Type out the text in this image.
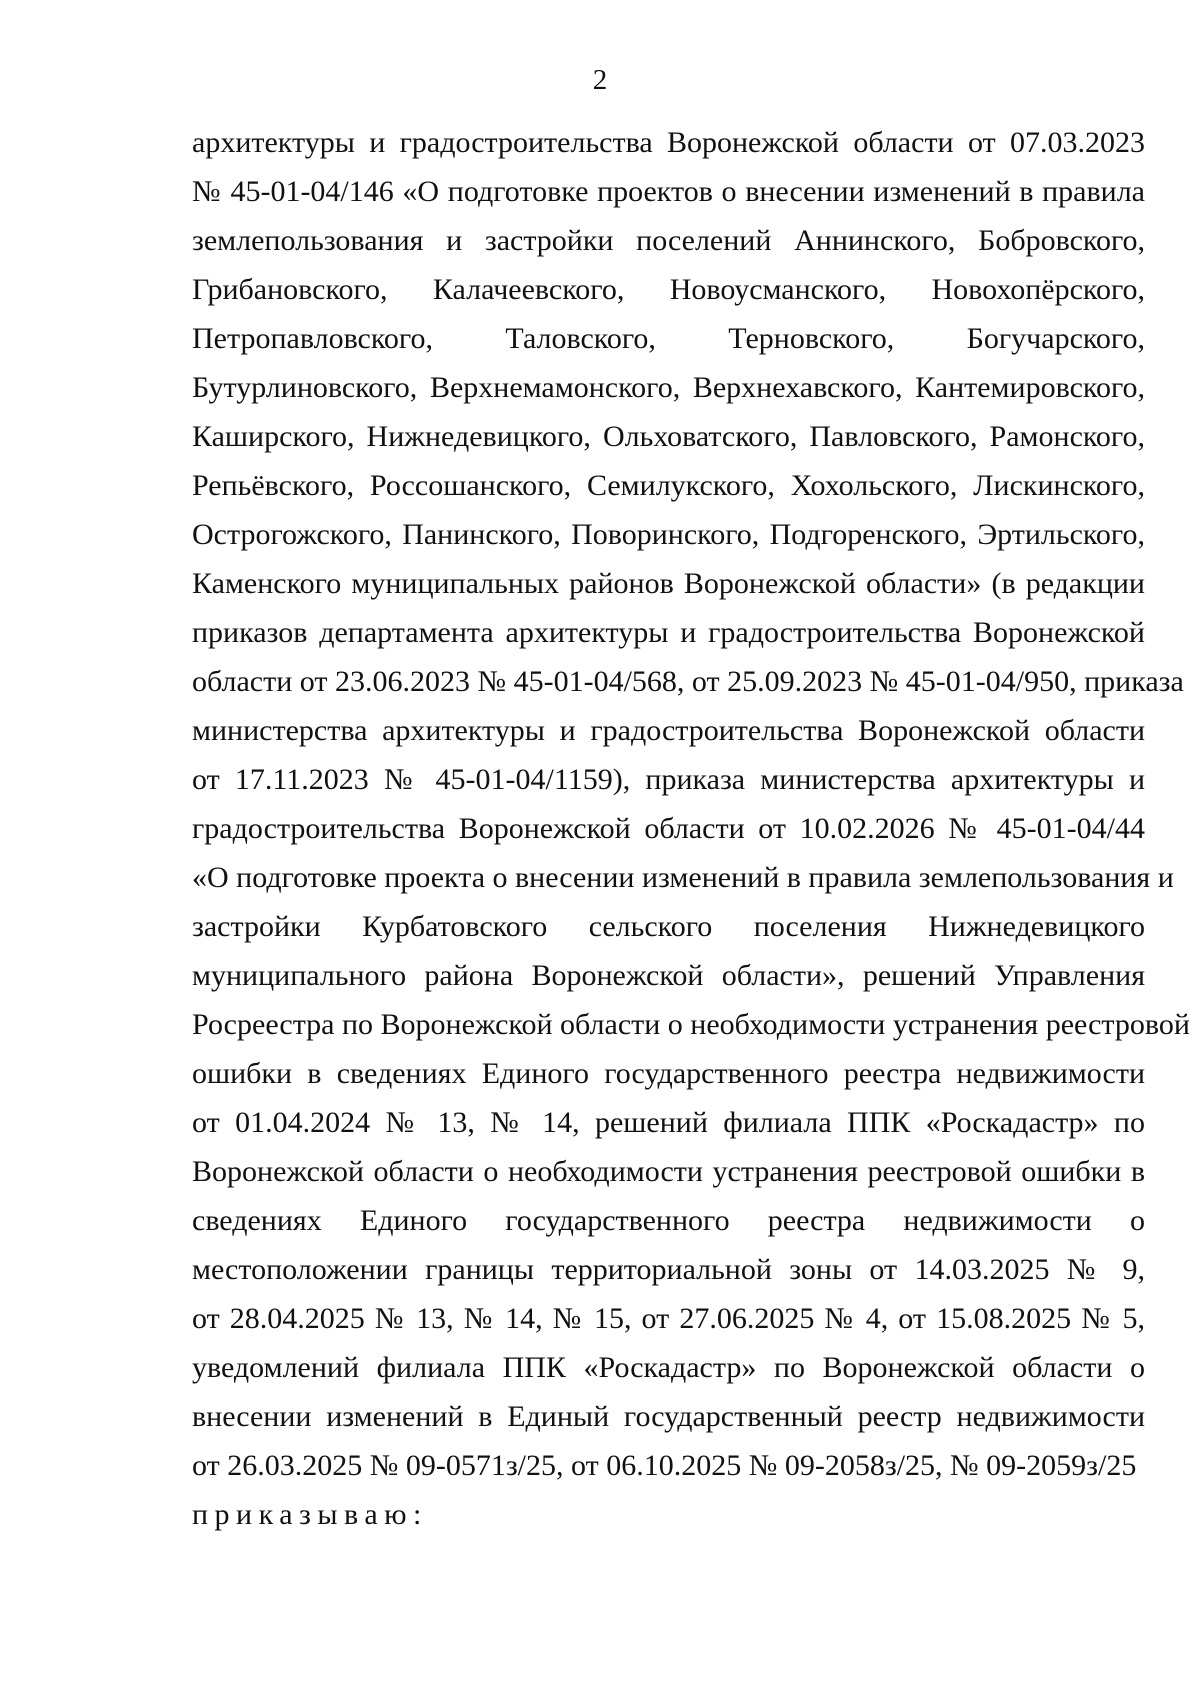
2
архитектуры и градостроительства Воронежской области от 07.03.2023
№ 45-01-04/146 «О подготовке проектов о внесении изменений в правила
землепользования и застройки поселений Аннинского, Бобровского,
Грибановского, Калачеевского, Новоусманского, Новохопёрского,
Петропавловского, Таловского, Терновского, Богучарского,
Бутурлиновского, Верхнемамонского, Верхнехавского, Кантемировского,
Каширского, Нижнедевицкого, Ольховатского, Павловского, Рамонского,
Репьёвского, Россошанского, Семилукского, Хохольского, Лискинского,
Острогожского, Панинского, Поворинского, Подгоренского, Эртильского,
Каменского муниципальных районов Воронежской области» (в редакции
приказов департамента архитектуры и градостроительства Воронежской
области от 23.06.2023 № 45-01-04/568, от 25.09.2023 № 45-01-04/950, приказа
министерства архитектуры и градостроительства Воронежской области
от 17.11.2023 № 45-01-04/1159), приказа министерства архитектуры и
градостроительства Воронежской области от 10.02.2026 № 45-01-04/44
«О подготовке проекта о внесении изменений в правила землепользования и
застройки Курбатовского сельского поселения Нижнедевицкого
муниципального района Воронежской области», решений Управления
Росреестра по Воронежской области о необходимости устранения реестровой
ошибки в сведениях Единого государственного реестра недвижимости
от 01.04.2024 № 13, № 14, решений филиала ППК «Роскадастр» по
Воронежской области о необходимости устранения реестровой ошибки в
сведениях Единого государственного реестра недвижимости о
местоположении границы территориальной зоны от 14.03.2025 № 9,
от 28.04.2025 № 13, № 14, № 15, от 27.06.2025 № 4, от 15.08.2025 № 5,
уведомлений филиала ППК «Роскадастр» по Воронежской области о
внесении изменений в Единый государственный реестр недвижимости
от 26.03.2025 № 09-0571з/25, от 06.10.2025 № 09-2058з/25, № 09-2059з/25
приказываю:
